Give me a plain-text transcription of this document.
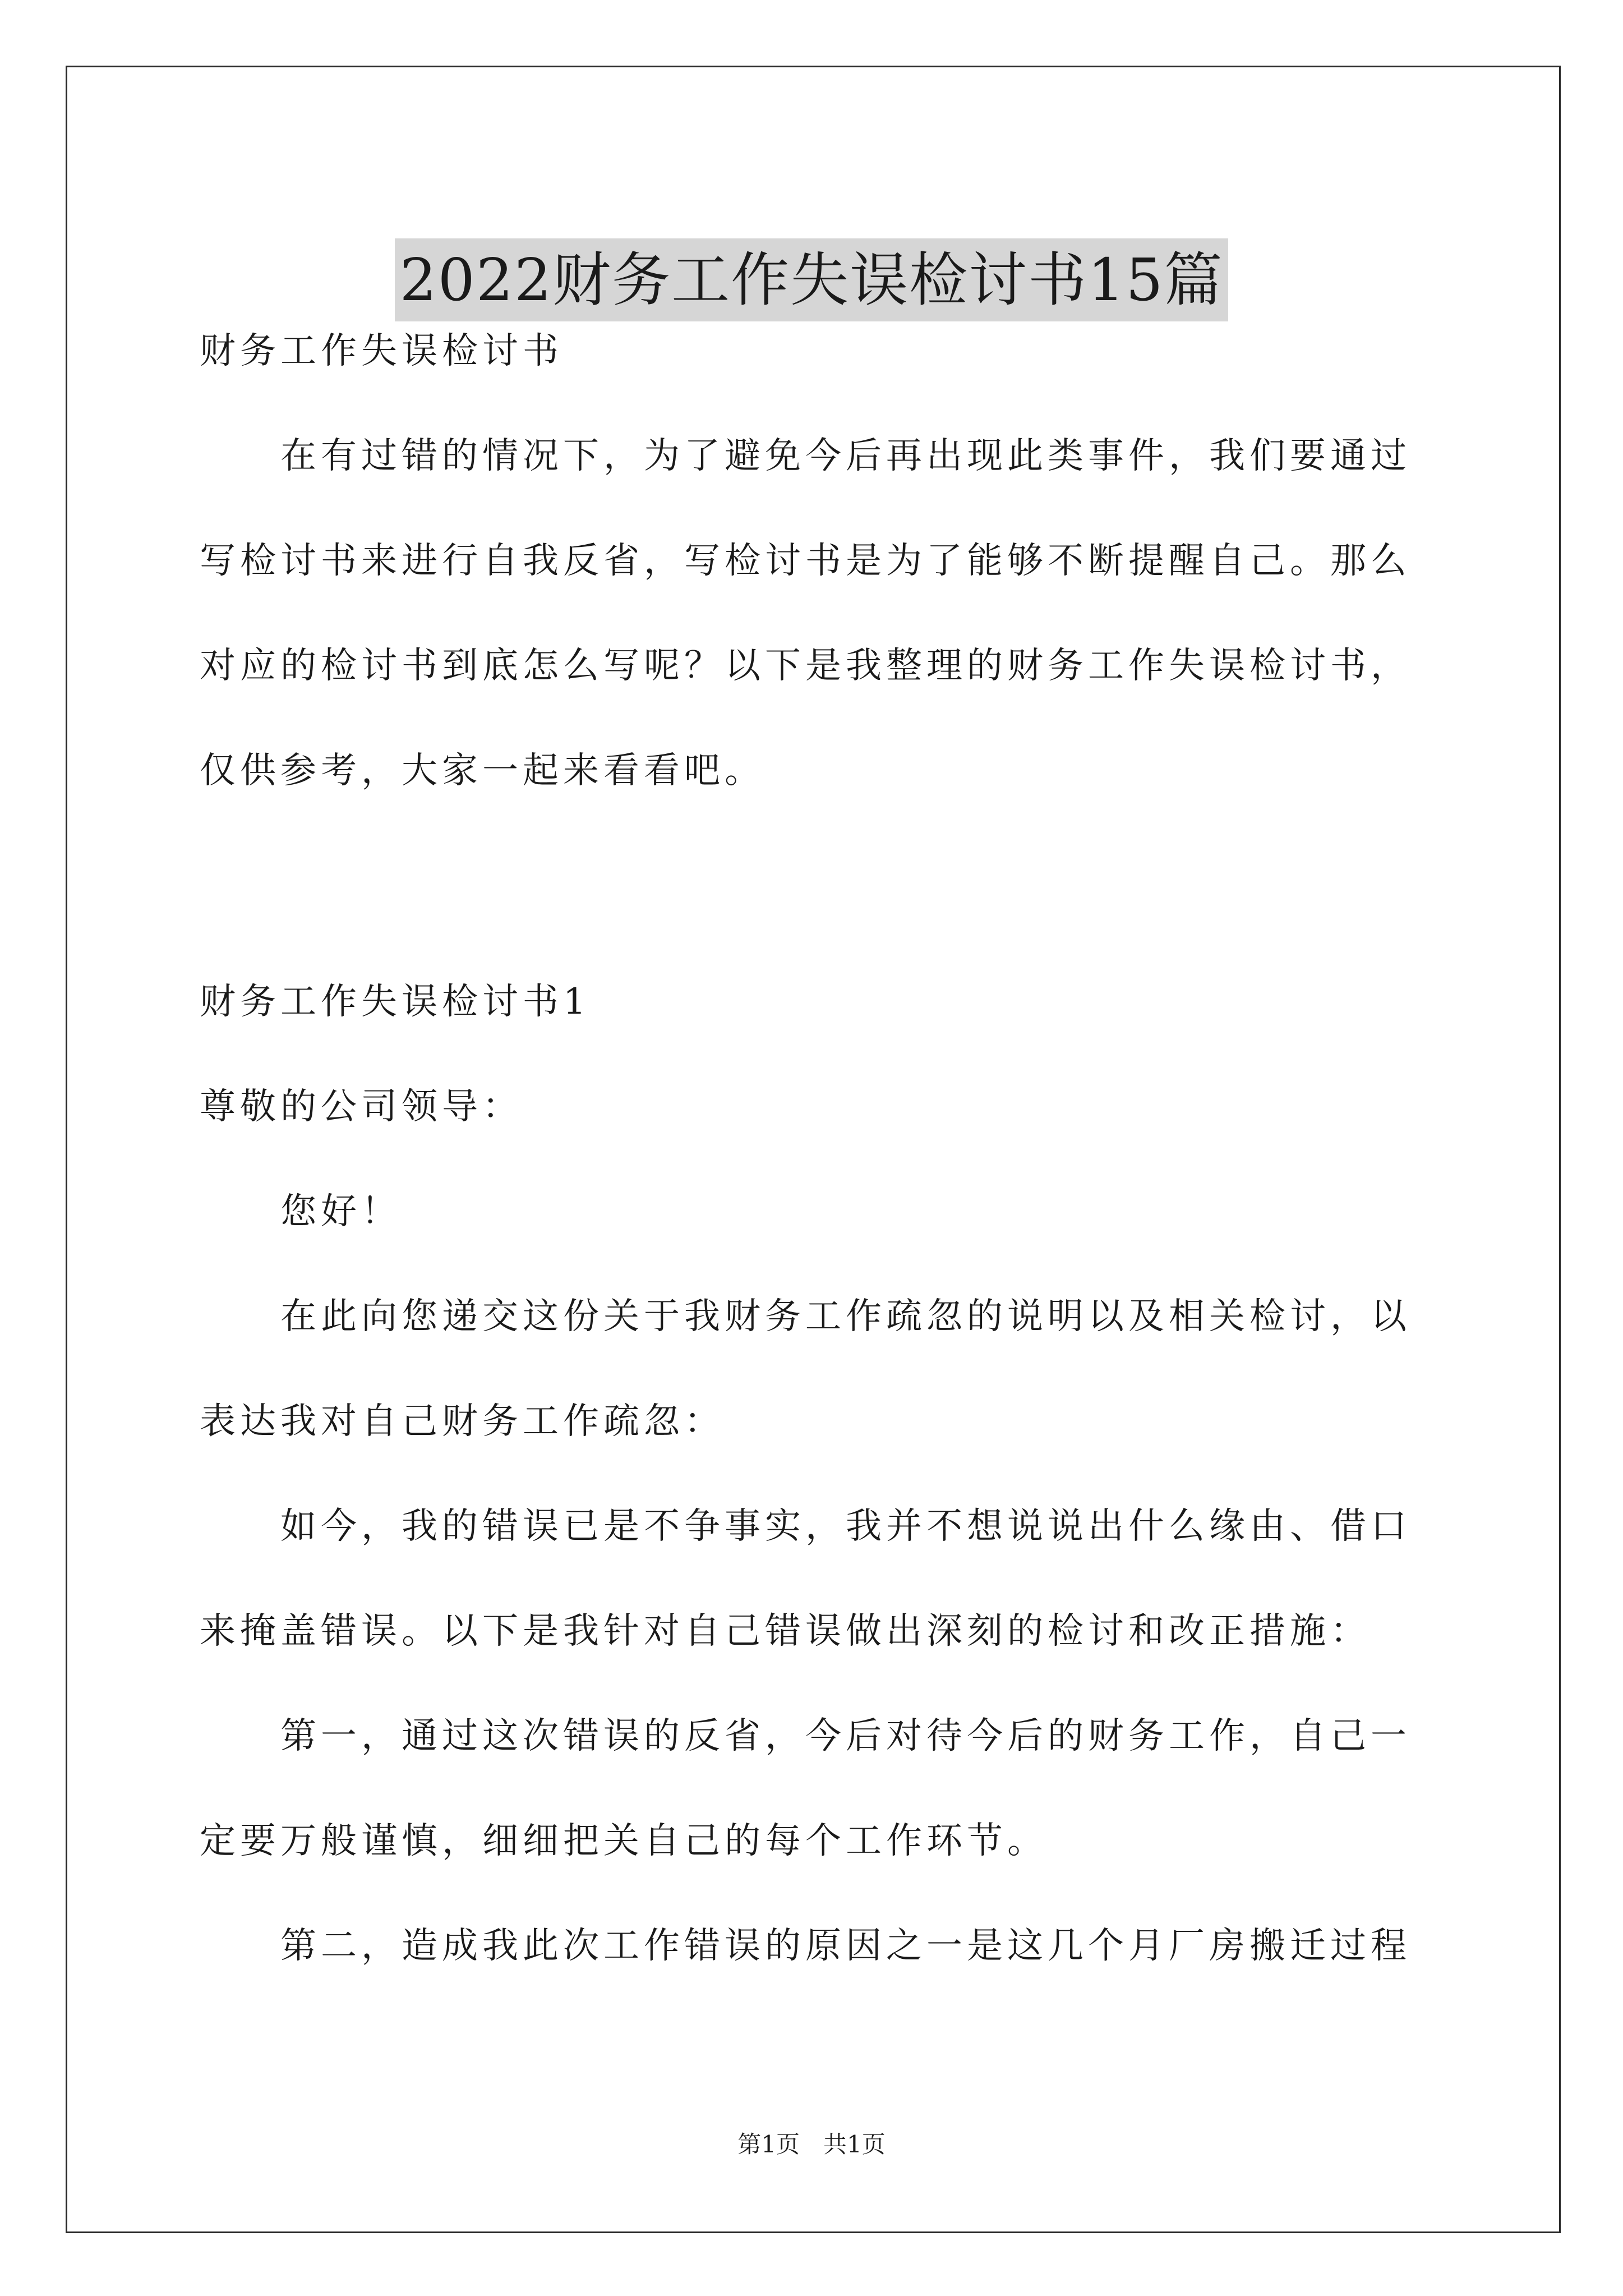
2022财务工作失误检讨书15篇
财务工作失误检讨书
在有过错的情况下，为了避免今后再出现此类事件，我们要通过
写检讨书来进行自我反省，写检讨书是为了能够不断提醒自己。那么
对应的检讨书到底怎么写呢？以下是我整理的财务工作失误检讨书，
仅供参考，大家一起来看看吧。
财务工作失误检讨书1
尊敬的公司领导：
您好！
在此向您递交这份关于我财务工作疏忽的说明以及相关检讨，以
表达我对自己财务工作疏忽：
如今，我的错误已是不争事实，我并不想说说出什么缘由、借口
来掩盖错误。以下是我针对自己错误做出深刻的检讨和改正措施：
第一，通过这次错误的反省，今后对待今后的财务工作，自己一
定要万般谨慎，细细把关自己的每个工作环节。
第二，造成我此次工作错误的原因之一是这几个月厂房搬迁过程
第1页　共1页
